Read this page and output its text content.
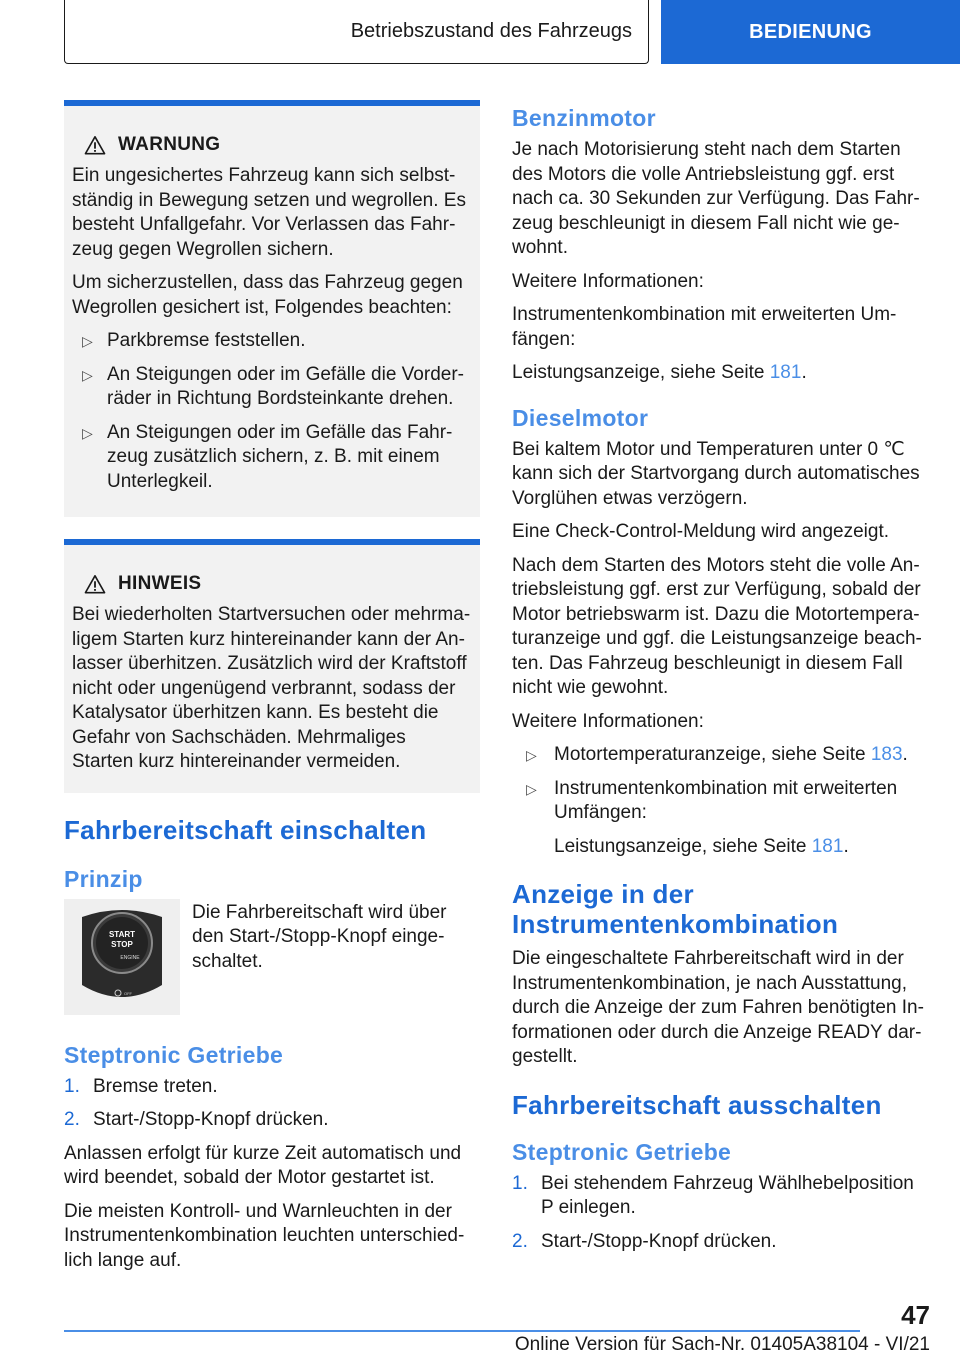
Betriebszustand des Fahrzeugs	BEDIENUNG
WARNUNG

Ein ungesichertes Fahrzeug kann sich selbstständig in Bewegung setzen und wegrollen. Es besteht Unfallgefahr. Vor Verlassen das Fahrzeug gegen Wegrollen sichern.

Um sicherzustellen, dass das Fahrzeug gegen Wegrollen gesichert ist, Folgendes beachten:

▷ Parkbremse feststellen.
▷ An Steigungen oder im Gefälle die Vorderräder in Richtung Bordsteinkante drehen.
▷ An Steigungen oder im Gefälle das Fahrzeug zusätzlich sichern, z. B. mit einem Unterlegkeil.
HINWEIS

Bei wiederholten Startversuchen oder mehrmaligem Starten kurz hintereinander kann der Anlasser überhitzen. Zusätzlich wird der Kraftstoff nicht oder ungenügend verbrannt, sodass der Katalysator überhitzen kann. Es besteht die Gefahr von Sachschäden. Mehrmaliges Starten kurz hintereinander vermeiden.

Fahrbereitschaft einschalten
Prinzip
START
STOP
ENGINE
OFF
Die Fahrbereitschaft wird über den Start-/Stopp-Knopf eingeschaltet.
Steptronic Getriebe
1. Bremse treten.
2. Start-/Stopp-Knopf drücken.

Anlassen erfolgt für kurze Zeit automatisch und wird beendet, sobald der Motor gestartet ist.

Die meisten Kontroll- und Warnleuchten in der Instrumentenkombination leuchten unterschiedlich lange auf.

Benzinmotor

Je nach Motorisierung steht nach dem Starten des Motors die volle Antriebsleistung ggf. erst nach ca. 30 Sekunden zur Verfügung. Das Fahrzeug beschleunigt in diesem Fall nicht wie gewohnt.

Weitere Informationen:

Instrumentenkombination mit erweiterten Umfängen:

Leistungsanzeige, siehe Seite 181.

Dieselmotor

Bei kaltem Motor und Temperaturen unter 0 ℃ kann sich der Startvorgang durch automatisches Vorglühen etwas verzögern.

Eine Check-Control-Meldung wird angezeigt.

Nach dem Starten des Motors steht die volle Antriebsleistung ggf. erst zur Verfügung, sobald der Motor betriebswarm ist. Dazu die Motortemperaturanzeige und ggf. die Leistungsanzeige beachten. Das Fahrzeug beschleunigt in diesem Fall nicht wie gewohnt.

Weitere Informationen:

▷ Motortemperaturanzeige, siehe Seite 183.
▷ Instrumentenkombination mit erweiterten Umfängen:
Leistungsanzeige, siehe Seite 181.
Anzeige in der Instrumentenkombination

Die eingeschaltete Fahrbereitschaft wird in der Instrumentenkombination, je nach Ausstattung, durch die Anzeige der zum Fahren benötigten Informationen oder durch die Anzeige READY dargestellt.

Fahrbereitschaft ausschalten
Steptronic Getriebe
1. Bei stehendem Fahrzeug Wählhebelposition P einlegen.
2. Start-/Stopp-Knopf drücken.
47
Online Version für Sach-Nr. 01405A38104 - VI/21
